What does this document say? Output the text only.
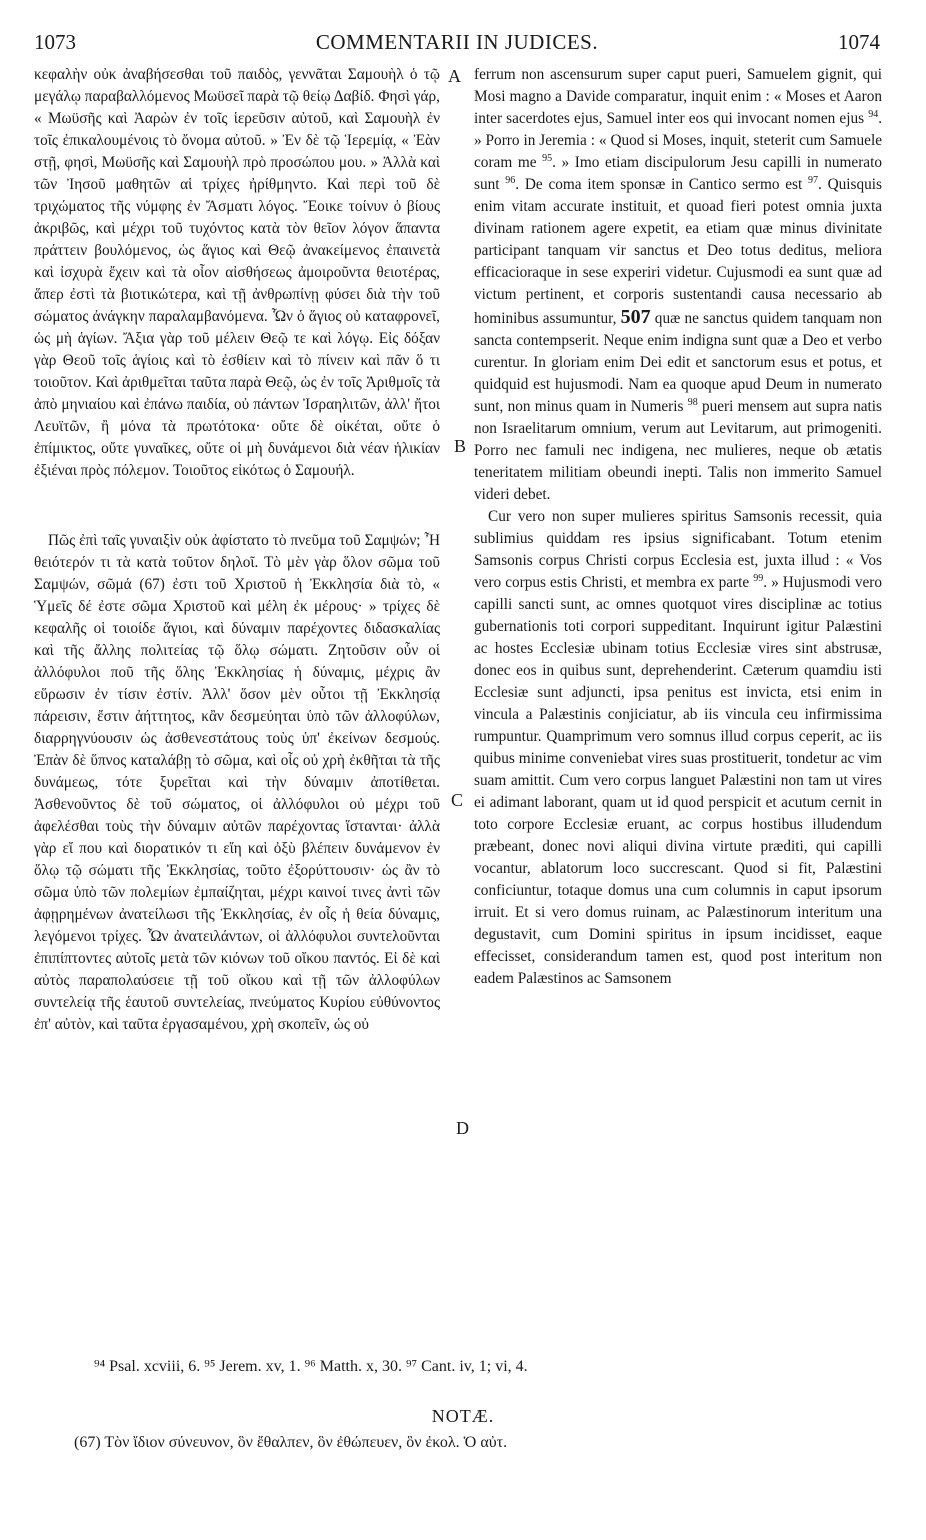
1073	COMMENTARII IN JUDICES.	1074
A
B
C
D

κεφαλὴν οὐκ ἀναβήσεσθαι τοῦ παιδὸς, γεννᾶται Σαμουὴλ ὁ τῷ μεγάλῳ παραβαλλόμενος Μωϋσεῖ παρὰ τῷ θείῳ Δαβίδ. Φησὶ γάρ, « Μωϋσῆς καὶ Ἀαρὼν ἐν τοῖς ἱερεῦσιν αὐτοῦ, καὶ Σαμουὴλ ἐν τοῖς ἐπικαλουμένοις τὸ ὄνομα αὐτοῦ. » Ἐν δὲ τῷ Ἱερεμίᾳ, « Ἐὰν στῇ, φησὶ, Μωϋσῆς καὶ Σαμουὴλ πρὸ προσώπου μου. » Ἀλλὰ καὶ τῶν Ἰησοῦ μαθητῶν αἱ τρίχες ἠρίθμηντο. Καὶ περὶ τοῦ δὲ τριχώματος τῆς νύμφης ἐν Ἄσματι λόγος. Ἔοικε τοίνυν ὁ βίους ἀκριβῶς, καὶ μέχρι τοῦ τυχόντος κατὰ τὸν θεῖον λόγον ἅπαντα πράττειν βουλόμενος, ὡς ἅγιος καὶ Θεῷ ἀνακείμενος ἐπαινετὰ καὶ ἰσχυρὰ ἔχειν καὶ τὰ οἷον αἰσθήσεως ἀμοιροῦντα θειοτέρας, ἅπερ ἐστὶ τὰ βιοτικώτερα, καὶ τῇ ἀνθρωπίνῃ φύσει διὰ τὴν τοῦ σώματος ἀνάγκην παραλαμβανόμενα. Ὧν ὁ ἅγιος οὐ καταφρονεῖ, ὡς μὴ ἁγίων. Ἄξια γὰρ τοῦ μέλειν Θεῷ τε καὶ λόγῳ. Εἰς δόξαν γὰρ Θεοῦ τοῖς ἁγίοις καὶ τὸ ἐσθίειν καὶ τὸ πίνειν καὶ πᾶν ὅ τι τοιοῦτον. Καὶ ἀριθμεῖται ταῦτα παρὰ Θεῷ, ὡς ἐν τοῖς Ἀριθμοῖς τὰ ἀπὸ μηνιαίου καὶ ἐπάνω παιδία, οὐ πάντων Ἰσραηλιτῶν, ἀλλ' ἤτοι Λευϊτῶν, ἢ μόνα τὰ πρωτότοκα· οὔτε δὲ οἰκέται, οὔτε ὁ ἐπίμικτος, οὔτε γυναῖκες, οὔτε οἱ μὴ δυνάμενοι διὰ νέαν ἡλικίαν ἐξιέναι πρὸς πόλεμον. Τοιοῦτος εἰκότως ὁ Σαμουήλ.

Πῶς ἐπὶ ταῖς γυναιξὶν οὐκ ἀφίστατο τὸ πνεῦμα τοῦ Σαμψών; Ἦ θειότερόν τι τὰ κατὰ τοῦτον δηλοῖ. Τὸ μὲν γὰρ ὅλον σῶμα τοῦ Σαμψών, σῶμά (67) ἐστι τοῦ Χριστοῦ ἡ Ἐκκλησία διὰ τὸ, « Ὑμεῖς δέ ἐστε σῶμα Χριστοῦ καὶ μέλη ἐκ μέρους· » τρίχες δὲ κεφαλῆς οἱ τοιοίδε ἅγιοι, καὶ δύναμιν παρέχοντες διδασκαλίας καὶ τῆς ἄλλης πολιτείας τῷ ὅλῳ σώματι. Ζητοῦσιν οὖν οἱ ἀλλόφυλοι ποῦ τῆς ὅλης Ἐκκλησίας ἡ δύναμις, μέχρις ἂν εὕρωσιν ἐν τίσιν ἐστίν. Ἀλλ' ὅσον μὲν οὗτοι τῇ Ἐκκλησίᾳ πάρεισιν, ἔστιν ἀήττητος, κἂν δεσμεύηται ὑπὸ τῶν ἀλλοφύλων, διαρρηγνύουσιν ὡς ἀσθενεστάτους τοὺς ὑπ' ἐκείνων δεσμούς. Ἐπὰν δὲ ὕπνος καταλάβῃ τὸ σῶμα, καὶ οἷς οὐ χρὴ ἐκθῆται τὰ τῆς δυνάμεως, τότε ξυρεῖται καὶ τὴν δύναμιν ἀποτίθεται. Ἀσθενοῦντος δὲ τοῦ σώματος, οἱ ἀλλόφυλοι οὐ μέχρι τοῦ ἀφελέσθαι τοὺς τὴν δύναμιν αὐτῶν παρέχοντας ἵστανται· ἀλλὰ γὰρ εἴ που καὶ διορατικόν τι εἴη καὶ ὀξὺ βλέπειν δυνάμενον ἐν ὅλῳ τῷ σώματι τῆς Ἐκκλησίας, τοῦτο ἐξορύττουσιν· ὡς ἂν τὸ σῶμα ὑπὸ τῶν πολεμίων ἐμπαίζηται, μέχρι καινοί τινες ἀντὶ τῶν ἀφῃρημένων ἀνατείλωσι τῆς Ἐκκλησίας, ἐν οἷς ἡ θεία δύναμις, λεγόμενοι τρίχες. Ὧν ἀνατειλάντων, οἱ ἀλλόφυλοι συντελοῦνται ἐπιπίπτοντες αὐτοῖς μετὰ τῶν κιόνων τοῦ οἴκου παντός. Εἰ δὲ καὶ αὐτὸς παραπολαύσειε τῇ τοῦ οἴκου καὶ τῇ τῶν ἀλλοφύλων συντελείᾳ τῆς ἑαυτοῦ συντελείας, πνεύματος Κυρίου εὐθύνοντος ἐπ' αὐτὸν, καὶ ταῦτα ἐργασαμένου, χρὴ σκοπεῖν, ὡς οὐ

ferrum non ascensurum super caput pueri, Samuelem gignit, qui Mosi magno a Davide comparatur, inquit enim : « Moses et Aaron inter sacerdotes ejus, Samuel inter eos qui invocant nomen ejus $^{94}$. » Porro in Jeremia : « Quod si Moses, inquit, steterit cum Samuele coram me $^{95}$. » Imo etiam discipulorum Jesu capilli in numerato sunt $^{96}$. De coma item sponsæ in Cantico sermo est $^{97}$. Quisquis enim vitam accurate instituit, et quoad fieri potest omnia juxta divinam rationem agere expetit, ea etiam quæ minus divinitate participant tanquam vir sanctus et Deo totus deditus, meliora efficacioraque in sese experiri videtur. Cujusmodi ea sunt quæ ad victum pertinent, et corporis sustentandi causa necessario ab hominibus assumuntur, 507 quæ ne sanctus quidem tanquam non sancta contempserit. Neque enim indigna sunt quæ a Deo et verbo curentur. In gloriam enim Dei edit et sanctorum esus et potus, et quidquid est hujusmodi. Nam ea quoque apud Deum in numerato sunt, non minus quam in Numeris $^{98}$ pueri mensem aut supra natis non Israelitarum omnium, verum aut Levitarum, aut primogeniti. Porro nec famuli nec indigena, nec mulieres, neque ob ætatis teneritatem militiam obeundi inepti. Talis non immerito Samuel videri debet.

Cur vero non super mulieres spiritus Samsonis recessit, quia sublimius quiddam res ipsius significabant. Totum etenim Samsonis corpus Christi corpus Ecclesia est, juxta illud : « Vos vero corpus estis Christi, et membra ex parte $^{99}$. » Hujusmodi vero capilli sancti sunt, ac omnes quotquot vires disciplinæ ac totius gubernationis toti corpori suppeditant. Inquirunt igitur Palæstini ac hostes Ecclesiæ ubinam totius Ecclesiæ vires sint abstrusæ, donec eos in quibus sunt, deprehenderint. Cæterum quamdiu isti Ecclesiæ sunt adjuncti, ipsa penitus est invicta, etsi enim in vincula a Palæstinis conjiciatur, ab iis vincula ceu infirmissima rumpuntur. Quamprimum vero somnus illud corpus ceperit, ac iis quibus minime conveniebat vires suas prostituerit, tondetur ac vim suam amittit. Cum vero corpus languet Palæstini non tam ut vires ei adimant laborant, quam ut id quod perspicit et acutum cernit in toto corpore Ecclesiæ eruant, ac corpus hostibus illudendum præbeant, donec novi aliqui divina virtute præditi, qui capilli vocantur, ablatorum loco succrescant. Quod si fit, Palæstini conficiuntur, totaque domus una cum columnis in caput ipsorum irruit. Et si vero domus ruinam, ac Palæstinorum interitum una degustavit, cum Domini spiritus in ipsum incidisset, eaque effecisset, considerandum tamen est, quod post interitum non eadem Palæstinos ac Samsonem

⁹⁴ Psal. xcviii, 6. ⁹⁵ Jerem. xv, 1. ⁹⁶ Matth. x, 30. ⁹⁷ Cant. iv, 1; vi, 4.
NOTÆ.
(67) Τὸν ἴδιον σύνευνον, ὃν ἔθαλπεν, ὃν ἐθώπευεν, ὃν ἐκολ. Ὁ αὐτ.
